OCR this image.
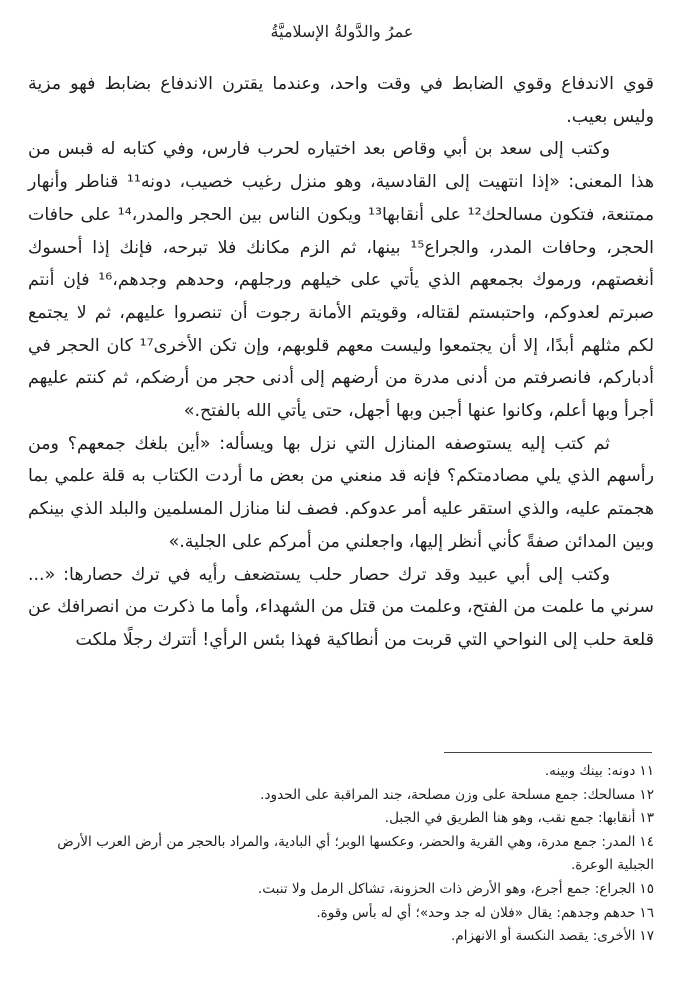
عمرُ والدَّولةُ الإسلاميَّةُ

قوي الاندفاع وقوي الضابط في وقت واحد، وعندما يقترن الاندفاع بضابط فهو مزية وليس بعيب.

وكتب إلى سعد بن أبي وقاص بعد اختياره لحرب فارس، وفي كتابه له قبس من هذا المعنى: «إذا انتهيت إلى القادسية، وهو منزل رغيب خصيب، دونه¹¹ قناطر وأنهار ممتنعة، فتكون مسالحك¹² على أنقابها¹³ ويكون الناس بين الحجر والمدر،¹⁴ على حافات الحجر، وحافات المدر، والجراع¹⁵ بينها، ثم الزم مكانك فلا تبرحه، فإنك إذا أحسوك أنغصتهم، ورموك بجمعهم الذي يأتي على خيلهم ورجلهم، وحدهم وجدهم،¹⁶ فإن أنتم صبرتم لعدوكم، واحتبستم لقتاله، وقويتم الأمانة رجوت أن تنصروا عليهم، ثم لا يجتمع لكم مثلهم أبدًا، إلا أن يجتمعوا وليست معهم قلوبهم، وإن تكن الأخرى¹⁷ كان الحجر في أدباركم، فانصرفتم من أدنى مدرة من أرضهم إلى أدنى حجر من أرضكم، ثم كنتم عليهم أجرأ وبها أعلم، وكانوا عنها أجبن وبها أجهل، حتى يأتي الله بالفتح.»

ثم كتب إليه يستوصفه المنازل التي نزل بها ويسأله: «أين بلغك جمعهم؟ ومن رأسهم الذي يلي مصادمتكم؟ فإنه قد منعني من بعض ما أردت الكتاب به قلة علمي بما هجمتم عليه، والذي استقر عليه أمر عدوكم. فصف لنا منازل المسلمين والبلد الذي بينكم وبين المدائن صفةً كأني أنظر إليها، واجعلني من أمركم على الجلية.»

وكتب إلى أبي عبيد وقد ترك حصار حلب يستضعف رأيه في ترك حصارها: «... سرني ما علمت من الفتح، وعلمت من قتل من الشهداء، وأما ما ذكرت من انصرافك عن قلعة حلب إلى النواحي التي قربت من أنطاكية فهذا بئس الرأي! أتترك رجلًا ملكت

١١دونه: بينك وبينه.

١٢مسالحك: جمع مسلحة على وزن مصلحة، جند المراقبة على الحدود.

١٣أنقابها: جمع نقب، وهو هنا الطريق في الجبل.

١٤المدر: جمع مدرة، وهي القرية والحضر، وعكسها الوبر؛ أي البادية، والمراد بالحجر من أرض العرب الأرض الجبلية الوعرة.

١٥الجراع: جمع أجرع، وهو الأرض ذات الحزونة، تشاكل الرمل ولا تنبت.

١٦حدهم وجدهم: يقال «فلان له جد وحد»؛ أي له بأس وقوة.

١٧الأخرى: يقصد النكسة أو الانهزام.
